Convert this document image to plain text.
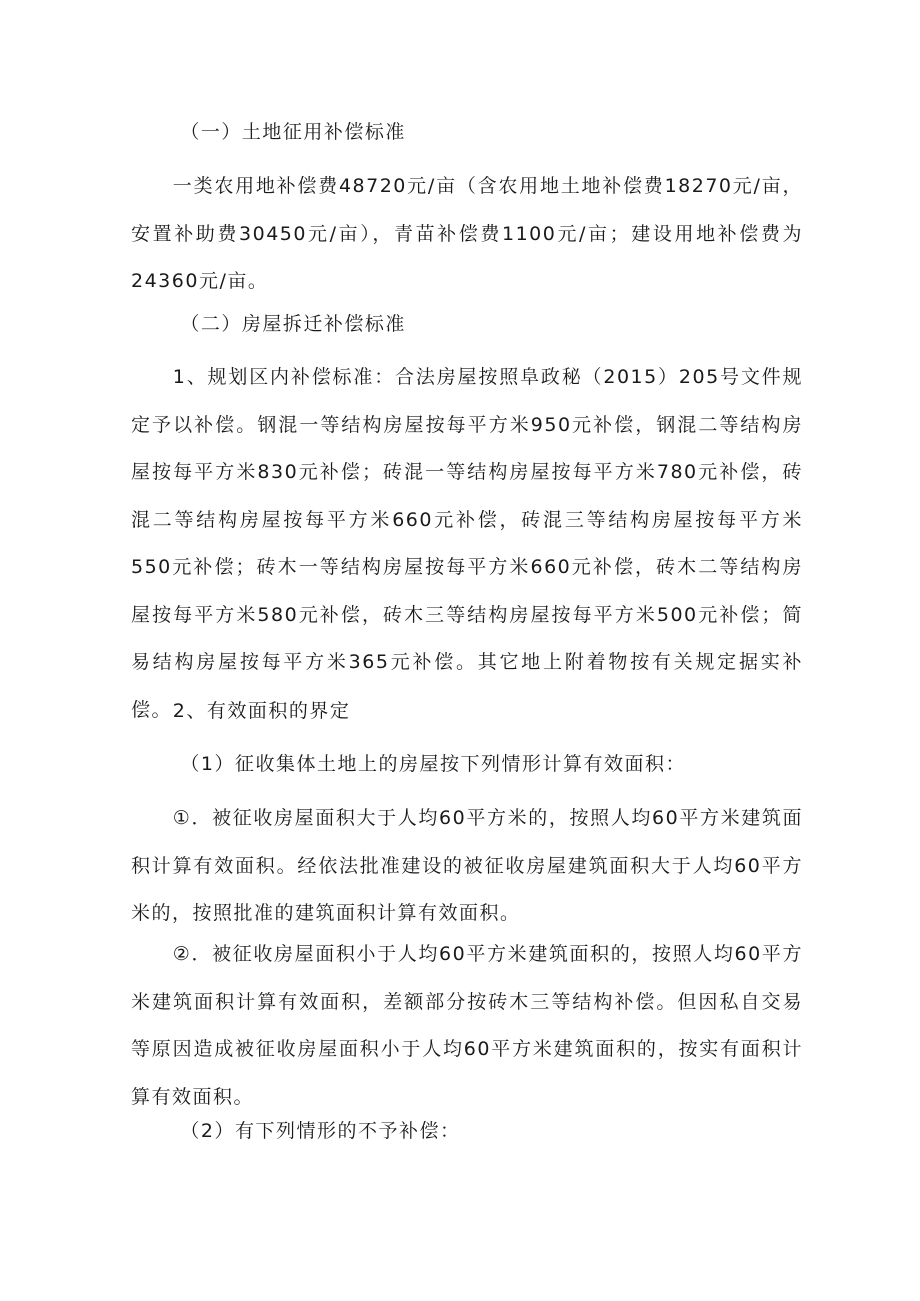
（一）土地征用补偿标准

一类农用地补偿费48720元/亩（含农用地土地补偿费18270元/亩，安置补助费30450元/亩），青苗补偿费1100元/亩；建设用地补偿费为24360元/亩。

（二）房屋拆迁补偿标准

1、规划区内补偿标准：合法房屋按照阜政秘（2015）205号文件规定予以补偿。钢混一等结构房屋按每平方米950元补偿，钢混二等结构房屋按每平方米830元补偿；砖混一等结构房屋按每平方米780元补偿，砖混二等结构房屋按每平方米660元补偿，砖混三等结构房屋按每平方米550元补偿；砖木一等结构房屋按每平方米660元补偿，砖木二等结构房屋按每平方米580元补偿，砖木三等结构房屋按每平方米500元补偿；简易结构房屋按每平方米365元补偿。其它地上附着物按有关规定据实补偿。 2、有效面积的界定

（1）征收集体土地上的房屋按下列情形计算有效面积：

①．被征收房屋面积大于人均60平方米的，按照人均60平方米建筑面积计算有效面积。经依法批准建设的被征收房屋建筑面积大于人均60平方米的，按照批准的建筑面积计算有效面积。

②．被征收房屋面积小于人均60平方米建筑面积的，按照人均60平方米建筑面积计算有效面积，差额部分按砖木三等结构补偿。但因私自交易等原因造成被征收房屋面积小于人均60平方米建筑面积的，按实有面积计算有效面积。

（2）有下列情形的不予补偿：
